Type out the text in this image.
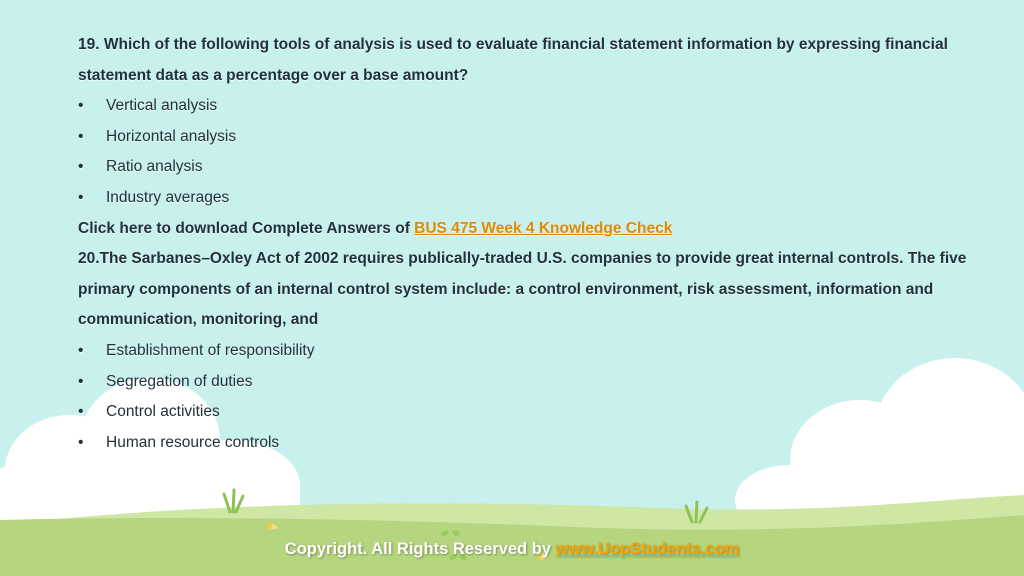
19. Which of the following tools of analysis is used to evaluate financial statement information by expressing financial statement data as a percentage over a base amount?

• Vertical analysis
• Horizontal analysis
• Ratio analysis
• Industry averages

Click here to download Complete Answers of BUS 475 Week 4 Knowledge Check

20.The Sarbanes–Oxley Act of 2002 requires publically-traded U.S. companies to provide great internal controls. The five primary components of an internal control system include: a control environment, risk assessment, information and communication, monitoring, and

• Establishment of responsibility
• Segregation of duties
• Control activities
• Human resource controls
Copyright. All Rights Reserved by www.UopStudents.com
